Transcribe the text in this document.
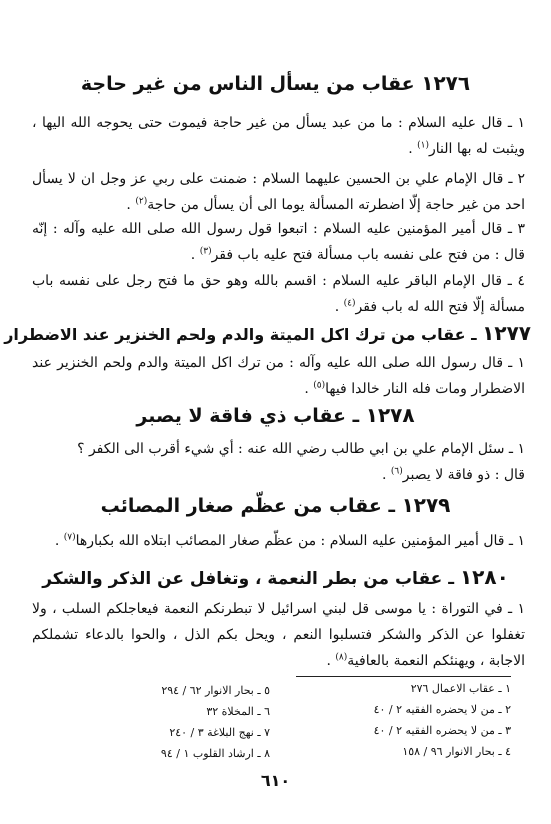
١٢٧٦ عقاب من يسأل الناس من غير حاجة
١ ـ قال عليه السلام : ما من عبد يسأل من غير حاجة فيموت حتى يحوجه الله اليها ، ويثبت له بها النار$^{(١)}$ .
٢ ـ قال الإمام علي بن الحسين عليهما السلام : ضمنت على ربي عز وجل ان لا يسأل احد من غير حاجة إلّا اضطرته المسألة يوما الى أن يسأل من حاجة$^{(٢)}$ .
٣ ـ قال أمير المؤمنين عليه السلام : اتبعوا قول رسول الله صلى الله عليه وآله : إنّه قال : من فتح على نفسه باب مسألة فتح عليه باب فقر$^{(٣)}$ .
٤ ـ قال الإمام الباقر عليه السلام : اقسم بالله وهو حق ما فتح رجل على نفسه باب مسألة إلّا فتح الله له باب فقر$^{(٤)}$ .
١٢٧٧ ـ عقاب من ترك اكل الميتة والدم ولحم الخنزير عند الاضطرار
١ ـ قال رسول الله صلى الله عليه وآله : من ترك اكل الميتة والدم ولحم الخنزير عند الاضطرار ومات فله النار خالدا فيها$^{(٥)}$ .
١٢٧٨ ـ عقاب ذي فاقة لا يصبر
١ ـ سئل الإمام علي بن ابي طالب رضي الله عنه : أي شيء أقرب الى الكفر ؟
قال : ذو فاقة لا يصبر$^{(٦)}$ .
١٢٧٩ ـ عقاب من عظّم صغار المصائب
١ ـ قال أمير المؤمنين عليه السلام : من عظّم صغار المصائب ابتلاه الله بكبارها$^{(٧)}$ .
١٢٨٠ ـ عقاب من بطر النعمة ، وتغافل عن الذكر والشكر
١ ـ في التوراة : يا موسى قل لبني اسرائيل لا تبطرنكم النعمة فيعاجلكم السلب ، ولا تغفلوا عن الذكر والشكر فتسلبوا النعم ، ويحل بكم الذل ، والحوا بالدعاء تشملكم الاجابة ، ويهنئكم النعمة بالعافية$^{(٨)}$ .
١ ـ عقاب الاعمال ٢٧٦
٢ ـ من لا يحضره الفقيه ٢ / ٤٠
٣ ـ من لا يحضره الفقيه ٢ / ٤٠
٤ ـ بحار الانوار ٩٦ / ١٥٨
٥ ـ بحار الانوار ٦٢ / ٢٩٤
٦ ـ المخلاة ٣٢
٧ ـ نهج البلاغة ٣ / ٢٤٠
٨ ـ ارشاد القلوب ١ / ٩٤
٦١٠
